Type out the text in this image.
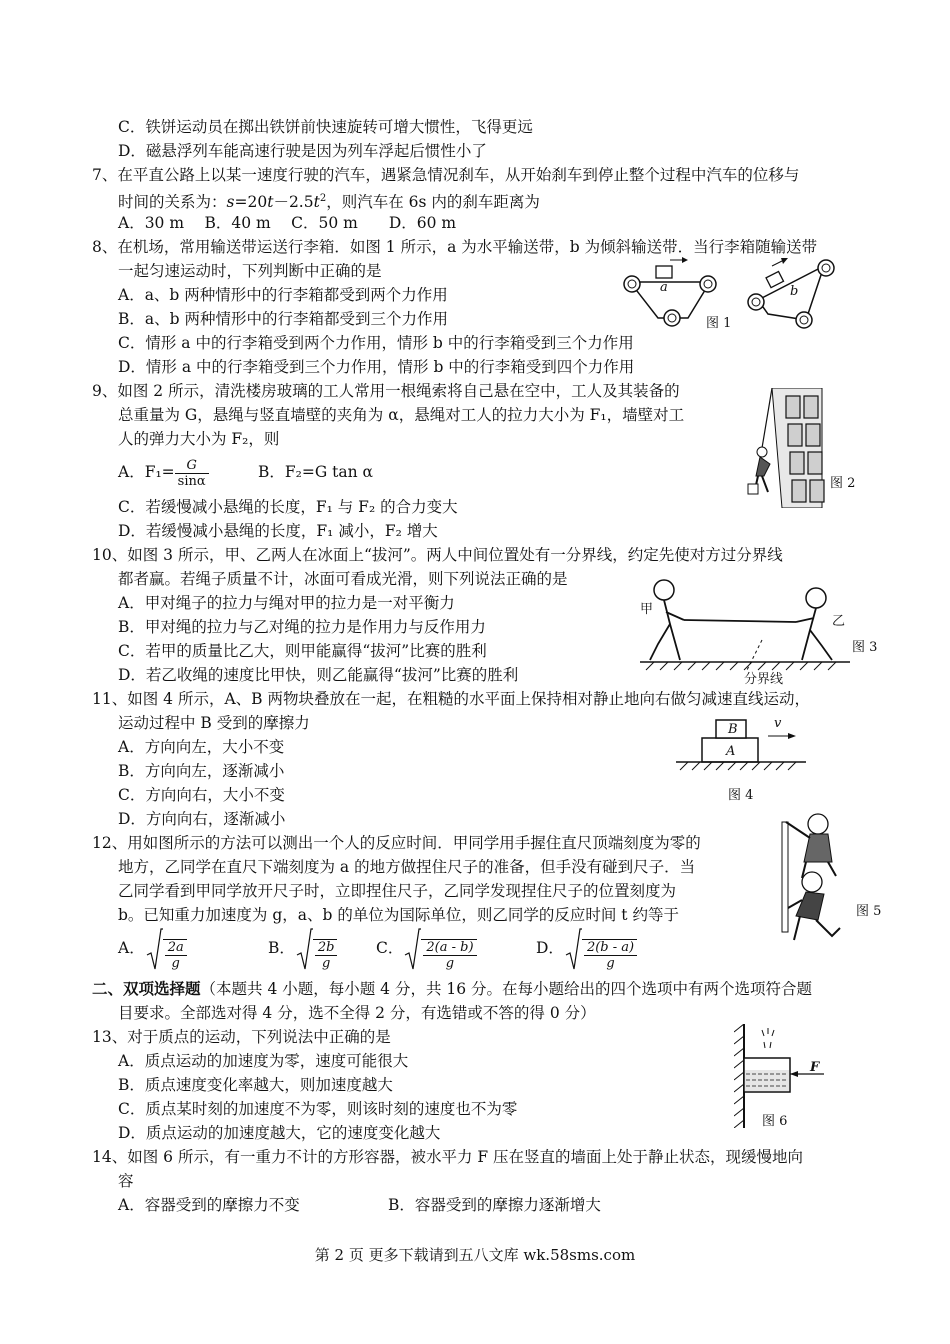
C．铁饼运动员在掷出铁饼前快速旋转可增大惯性，飞得更远
D．磁悬浮列车能高速行驶是因为列车浮起后惯性小了
7、在平直公路上以某一速度行驶的汽车，遇紧急情况刹车，从开始刹车到停止整个过程中汽车的位移与
时间的关系为：$s=20t-2.5t^2$，则汽车在 6s 内的刹车距离为
A．30 m　 B．40 m　 C．50 m　　D．60 m
8、在机场，常用输送带运送行李箱．如图 1 所示，a 为水平输送带，b 为倾斜输送带．当行李箱随输送带
一起匀速运动时，下列判断中正确的是
A．a、b 两种情形中的行李箱都受到两个力作用
B．a、b 两种情形中的行李箱都受到三个力作用
C．情形 a 中的行李箱受到两个力作用，情形 b 中的行李箱受到三个力作用
D．情形 a 中的行李箱受到三个力作用，情形 b 中的行李箱受到四个力作用
a	b
图 1
9、如图 2 所示，清洗楼房玻璃的工人常用一根绳索将自己悬在空中，工人及其装备的
总重量为 G，悬绳与竖直墙壁的夹角为 α，悬绳对工人的拉力大小为 F₁，墙壁对工
人的弹力大小为 F₂，则
A．$F_1= \frac{G}{\sin\alpha}$	B．F₂=G tan α
C．若缓慢减小悬绳的长度，F₁ 与 F₂ 的合力变大
D．若缓慢减小悬绳的长度，F₁ 减小，F₂ 增大
图 2
10、如图 3 所示，甲、乙两人在冰面上“拔河”。两人中间位置处有一分界线，约定先使对方过分界线
都者赢。若绳子质量不计，冰面可看成光滑，则下列说法正确的是
A．甲对绳子的拉力与绳对甲的拉力是一对平衡力
B．甲对绳的拉力与乙对绳的拉力是作用力与反作用力
C．若甲的质量比乙大，则甲能赢得“拔河”比赛的胜利
D．若乙收绳的速度比甲快，则乙能赢得“拔河”比赛的胜利
甲
乙
分界线
图 3
11、如图 4 所示，A、B 两物块叠放在一起，在粗糙的水平面上保持相对静止地向右做匀减速直线运动，
运动过程中 B 受到的摩擦力
A．方向向左，大小不变
B．方向向左，逐渐减小
C．方向向右，大小不变
D．方向向右，逐渐减小
B
A
v
图 4
12、用如图所示的方法可以测出一个人的反应时间．甲同学用手握住直尺顶端刻度为零的
地方，乙同学在直尺下端刻度为 a 的地方做捏住尺子的准备，但手没有碰到尺子．当
乙同学看到甲同学放开尺子时，立即捏住尺子，乙同学发现捏住尺子的位置刻度为
b。已知重力加速度为 g，a、b 的单位为国际单位，则乙同学的反应时间 t 约等于
A． $\frac{2a}{g}$	B． $\frac{2b}{g}$ C． $\frac{2(a - b)}{g}$	D． $\frac{2(b - a)}{g}$
图 5
二、双项选择题（本题共 4 小题，每小题 4 分，共 16 分。在每小题给出的四个选项中有两个选项符合题
目要求。全部选对得 4 分，选不全得 2 分，有选错或不答的得 0 分）
13、对于质点的运动，下列说法中正确的是
A．质点运动的加速度为零，速度可能很大
B．质点速度变化率越大，则加速度越大
C．质点某时刻的加速度不为零，则该时刻的速度也不为零
D．质点运动的加速度越大，它的速度变化越大
F
图 6
14、如图 6 所示，有一重力不计的方形容器，被水平力 F 压在竖直的墙面上处于静止状态，现缓慢地向
容
A．容器受到的摩擦力不变	B．容器受到的摩擦力逐渐增大
第 2 页 更多下载请到五八文库 wk.58sms.com
